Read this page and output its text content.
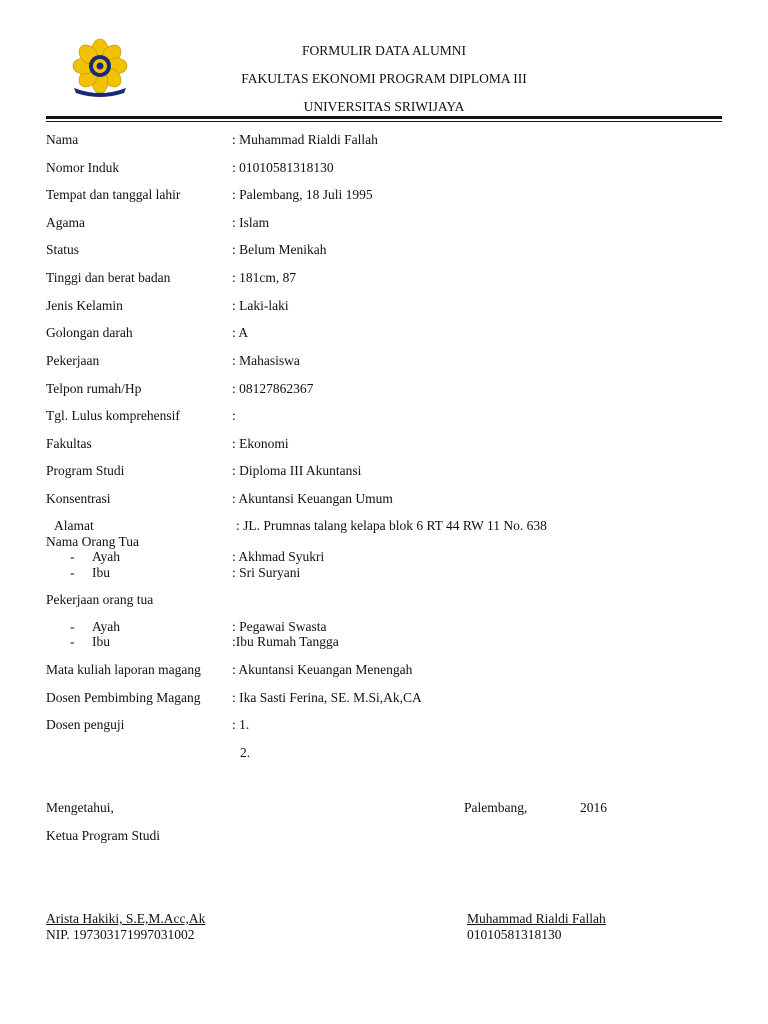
FORMULIR DATA ALUMNI
FAKULTAS EKONOMI PROGRAM DIPLOMA III
UNIVERSITAS SRIWIJAYA
Nama	: Muhammad Rialdi Fallah
Nomor Induk	: 01010581318130
Tempat dan tanggal lahir	: Palembang, 18 Juli 1995
Agama	: Islam
Status	: Belum Menikah
Tinggi dan berat badan	: 181cm, 87
Jenis Kelamin	: Laki-laki
Golongan darah	: A
Pekerjaan	: Mahasiswa
Telpon rumah/Hp	: 08127862367
Tgl. Lulus komprehensif	:
Fakultas	: Ekonomi
Program Studi	: Diploma III Akuntansi
Konsentrasi	: Akuntansi Keuangan Umum
Alamat	: JL. Prumnas talang kelapa blok 6 RT 44 RW 11 No. 638
Nama Orang Tua
- Ayah	: Akhmad Syukri
- Ibu	: Sri Suryani
Pekerjaan orang tua
- Ayah	: Pegawai Swasta
- Ibu	:Ibu Rumah Tangga
Mata kuliah laporan magang : Akuntansi Keuangan Menengah
Dosen Pembimbing Magang : Ika Sasti Ferina, SE. M.Si,Ak,CA
Dosen penguji	: 1.
2.
Mengetahui,	Palembang,	2016
Ketua Program Studi
Arista Hakiki, S.E,M.Acc,Ak
NIP. 197303171997031002
Muhammad Rialdi Fallah
01010581318130
